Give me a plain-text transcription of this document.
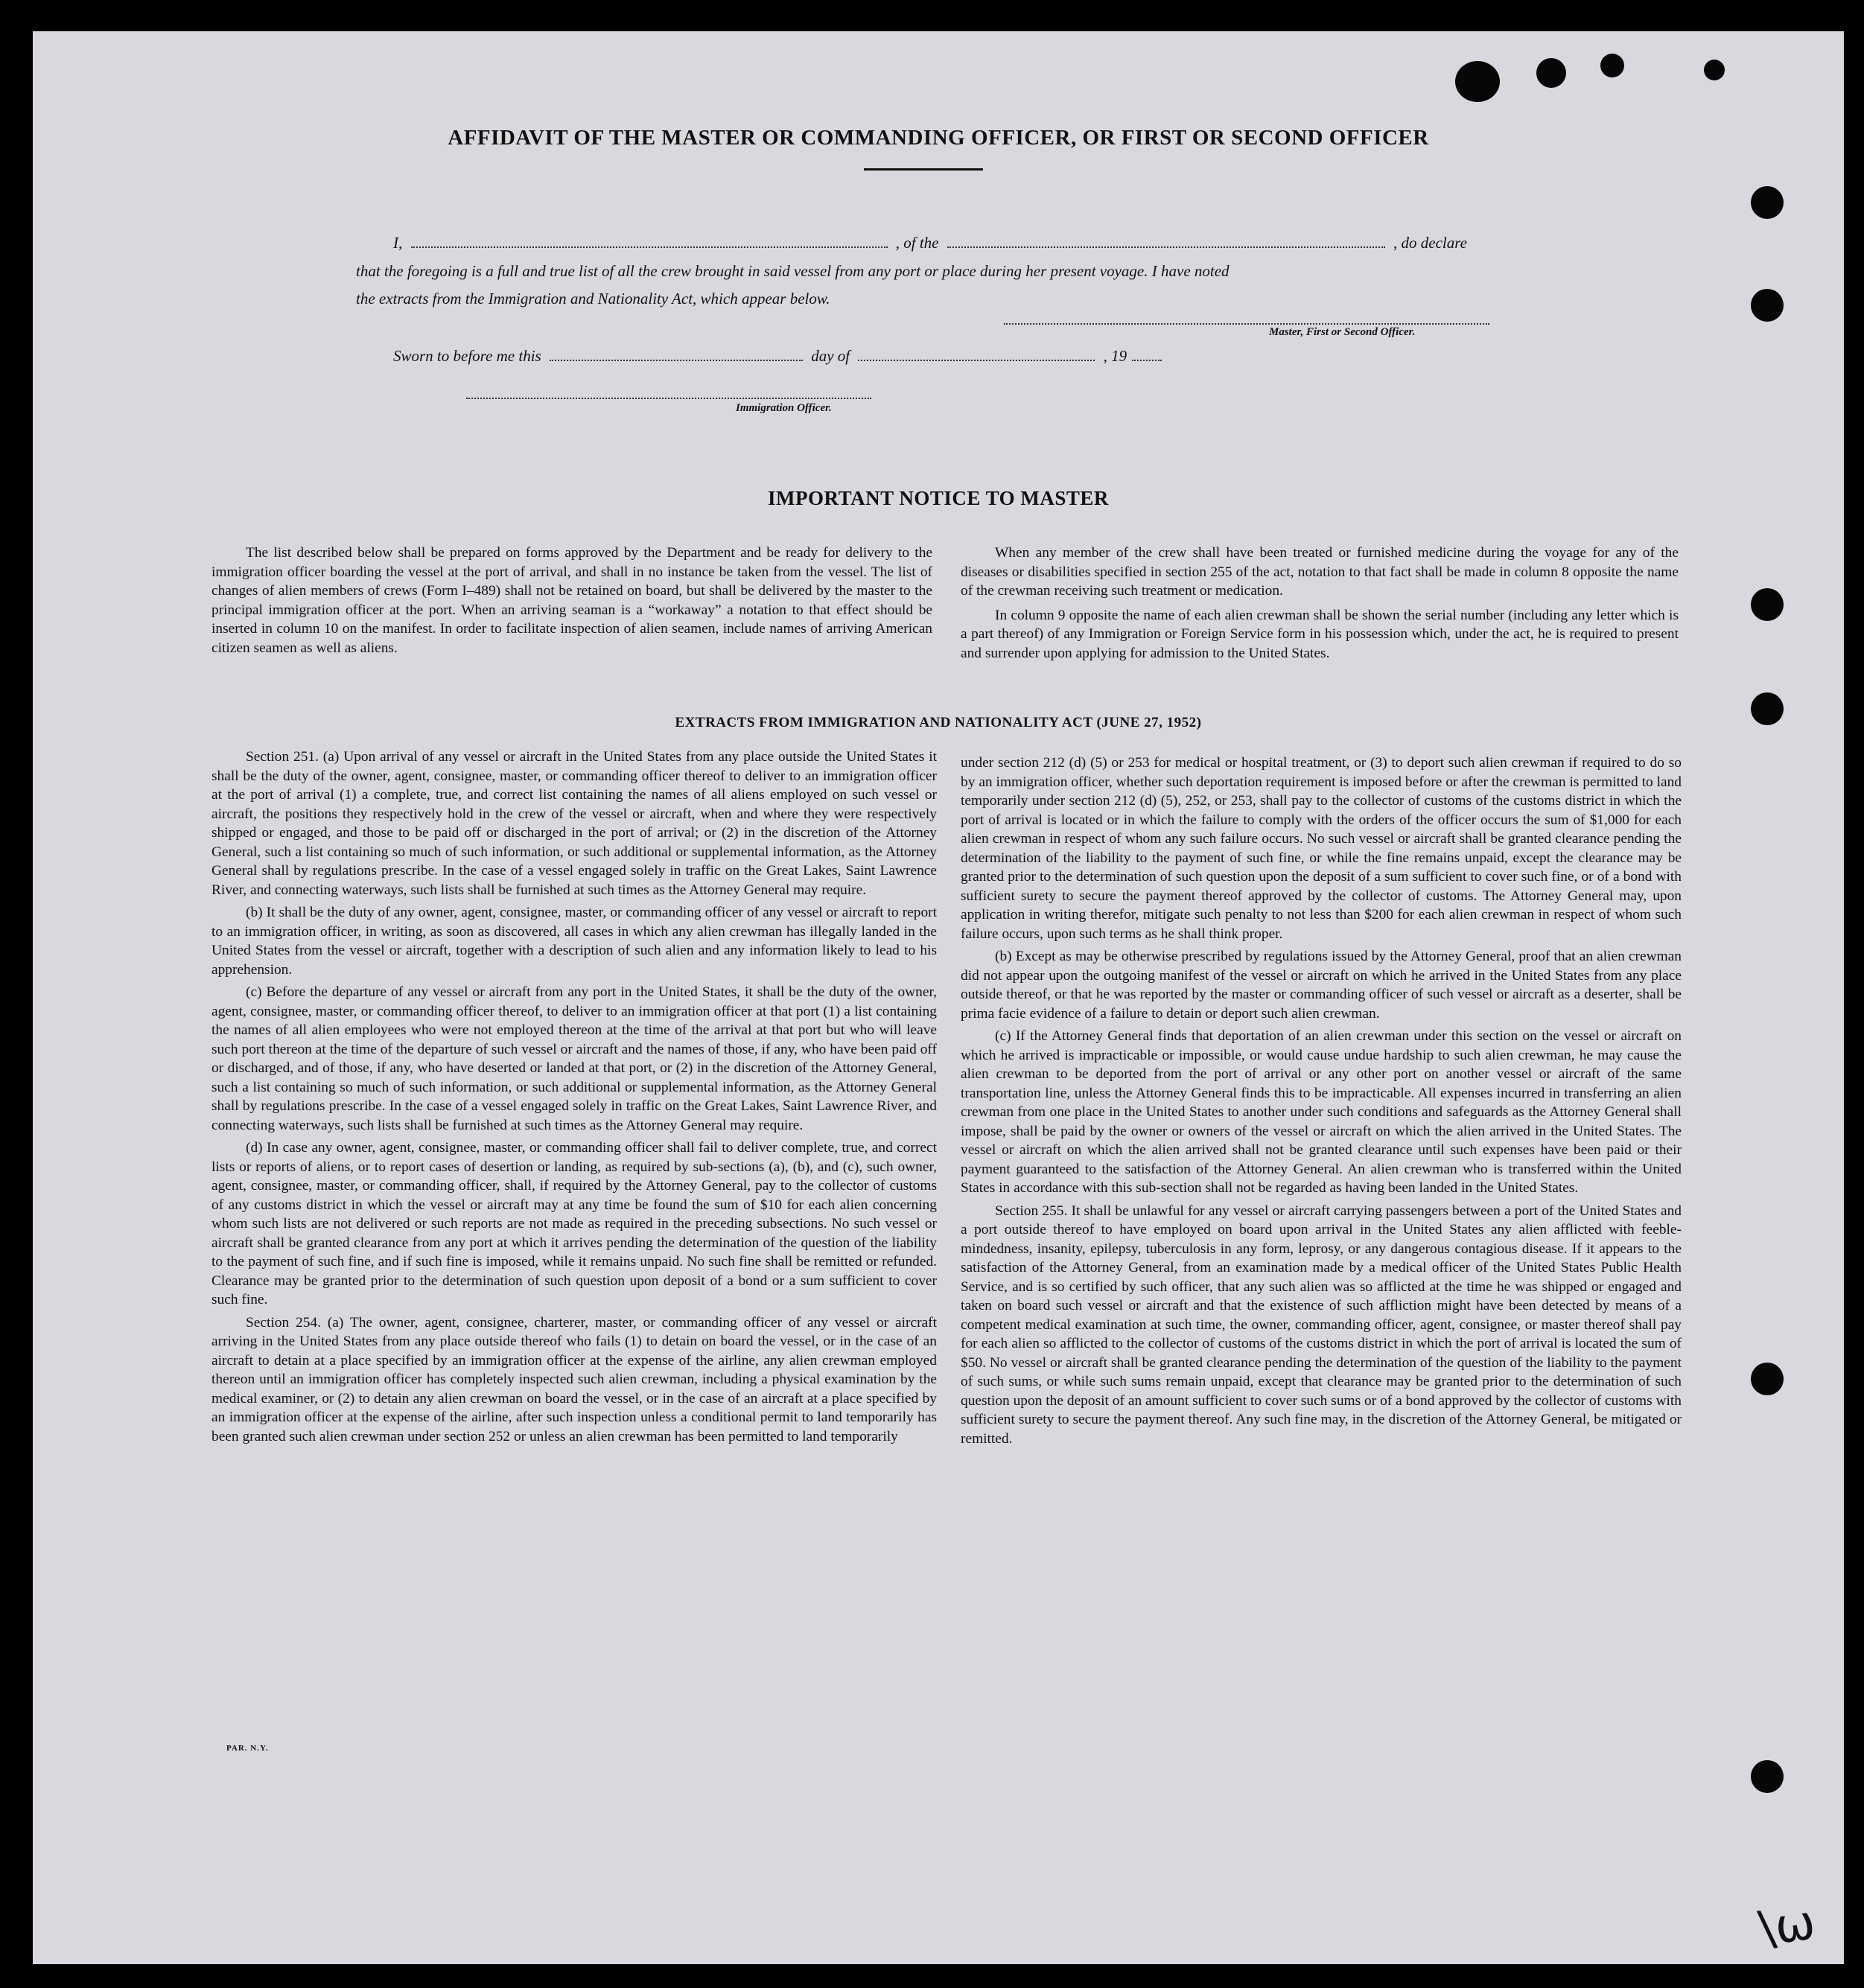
AFFIDAVIT OF THE MASTER OR COMMANDING OFFICER, OR FIRST OR SECOND OFFICER
I,	, of the	, do declare
that the foregoing is a full and true list of all the crew brought in said vessel from any port or place during her present voyage. I have noted
the extracts from the Immigration and Nationality Act, which appear below.
Master, First or Second Officer.
Sworn to before me this	day of	, 19
Immigration Officer.
IMPORTANT NOTICE TO MASTER

The list described below shall be prepared on forms approved by the Department and be ready for delivery to the immigration officer boarding the vessel at the port of arrival, and shall in no instance be taken from the vessel. The list of changes of alien members of crews (Form I–489) shall not be retained on board, but shall be delivered by the master to the principal immigration officer at the port. When an arriving seaman is a “workaway” a notation to that effect should be inserted in column 10 on the manifest. In order to facilitate inspection of alien seamen, include names of arriving American citizen seamen as well as aliens.

When any member of the crew shall have been treated or furnished medicine during the voyage for any of the diseases or disabilities specified in section 255 of the act, notation to that fact shall be made in column 8 opposite the name of the crewman receiving such treatment or medication.

In column 9 opposite the name of each alien crewman shall be shown the serial number (including any letter which is a part thereof) of any Immigration or Foreign Service form in his possession which, under the act, he is required to present and surrender upon applying for admission to the United States.

EXTRACTS FROM IMMIGRATION AND NATIONALITY ACT (JUNE 27, 1952)

Section 251. (a) Upon arrival of any vessel or aircraft in the United States from any place outside the United States it shall be the duty of the owner, agent, consignee, master, or commanding officer thereof to deliver to an immigration officer at the port of arrival (1) a complete, true, and correct list containing the names of all aliens employed on such vessel or aircraft, the positions they respectively hold in the crew of the vessel or aircraft, when and where they were respectively shipped or engaged, and those to be paid off or discharged in the port of arrival; or (2) in the discretion of the Attorney General, such a list containing so much of such information, or such additional or supplemental information, as the Attorney General shall by regulations prescribe. In the case of a vessel engaged solely in traffic on the Great Lakes, Saint Lawrence River, and connecting waterways, such lists shall be furnished at such times as the Attorney General may require.

(b) It shall be the duty of any owner, agent, consignee, master, or commanding officer of any vessel or aircraft to report to an immigration officer, in writing, as soon as discovered, all cases in which any alien crewman has illegally landed in the United States from the vessel or aircraft, together with a description of such alien and any information likely to lead to his apprehension.

(c) Before the departure of any vessel or aircraft from any port in the United States, it shall be the duty of the owner, agent, consignee, master, or commanding officer thereof, to deliver to an immigration officer at that port (1) a list containing the names of all alien employees who were not employed thereon at the time of the arrival at that port but who will leave such port thereon at the time of the departure of such vessel or aircraft and the names of those, if any, who have been paid off or discharged, and of those, if any, who have deserted or landed at that port, or (2) in the discretion of the Attorney General, such a list containing so much of such information, or such additional or supplemental information, as the Attorney General shall by regulations prescribe. In the case of a vessel engaged solely in traffic on the Great Lakes, Saint Lawrence River, and connecting waterways, such lists shall be furnished at such times as the Attorney General may require.

(d) In case any owner, agent, consignee, master, or commanding officer shall fail to deliver complete, true, and correct lists or reports of aliens, or to report cases of desertion or landing, as required by sub-sections (a), (b), and (c), such owner, agent, consignee, master, or commanding officer, shall, if required by the Attorney General, pay to the collector of customs of any customs district in which the vessel or aircraft may at any time be found the sum of $10 for each alien concerning whom such lists are not delivered or such reports are not made as required in the preceding subsections. No such vessel or aircraft shall be granted clearance from any port at which it arrives pending the determination of the question of the liability to the payment of such fine, and if such fine is imposed, while it remains unpaid. No such fine shall be remitted or refunded. Clearance may be granted prior to the determination of such question upon deposit of a bond or a sum sufficient to cover such fine.

Section 254. (a) The owner, agent, consignee, charterer, master, or commanding officer of any vessel or aircraft arriving in the United States from any place outside thereof who fails (1) to detain on board the vessel, or in the case of an aircraft to detain at a place specified by an immigration officer at the expense of the airline, any alien crewman employed thereon until an immigration officer has completely inspected such alien crewman, including a physical examination by the medical examiner, or (2) to detain any alien crewman on board the vessel, or in the case of an aircraft at a place specified by an immigration officer at the expense of the airline, after such inspection unless a conditional permit to land temporarily has been granted such alien crewman under section 252 or unless an alien crewman has been permitted to land temporarily

under section 212 (d) (5) or 253 for medical or hospital treatment, or (3) to deport such alien crewman if required to do so by an immigration officer, whether such deportation requirement is imposed before or after the crewman is permitted to land temporarily under section 212 (d) (5), 252, or 253, shall pay to the collector of customs of the customs district in which the port of arrival is located or in which the failure to comply with the orders of the officer occurs the sum of $1,000 for each alien crewman in respect of whom any such failure occurs. No such vessel or aircraft shall be granted clearance pending the determination of the liability to the payment of such fine, or while the fine remains unpaid, except the clearance may be granted prior to the determination of such question upon the deposit of a sum sufficient to cover such fine, or of a bond with sufficient surety to secure the payment thereof approved by the collector of customs. The Attorney General may, upon application in writing therefor, mitigate such penalty to not less than $200 for each alien crewman in respect of whom such failure occurs, upon such terms as he shall think proper.

(b) Except as may be otherwise prescribed by regulations issued by the Attorney General, proof that an alien crewman did not appear upon the outgoing manifest of the vessel or aircraft on which he arrived in the United States from any place outside thereof, or that he was reported by the master or commanding officer of such vessel or aircraft as a deserter, shall be prima facie evidence of a failure to detain or deport such alien crewman.

(c) If the Attorney General finds that deportation of an alien crewman under this section on the vessel or aircraft on which he arrived is impracticable or impossible, or would cause undue hardship to such alien crewman, he may cause the alien crewman to be deported from the port of arrival or any other port on another vessel or aircraft of the same transportation line, unless the Attorney General finds this to be impracticable. All expenses incurred in transferring an alien crewman from one place in the United States to another under such conditions and safeguards as the Attorney General shall impose, shall be paid by the owner or owners of the vessel or aircraft on which the alien arrived in the United States. The vessel or aircraft on which the alien arrived shall not be granted clearance until such expenses have been paid or their payment guaranteed to the satisfaction of the Attorney General. An alien crewman who is transferred within the United States in accordance with this sub-section shall not be regarded as having been landed in the United States.

Section 255. It shall be unlawful for any vessel or aircraft carrying passengers between a port of the United States and a port outside thereof to have employed on board upon arrival in the United States any alien afflicted with feeble-mindedness, insanity, epilepsy, tuberculosis in any form, leprosy, or any dangerous contagious disease. If it appears to the satisfaction of the Attorney General, from an examination made by a medical officer of the United States Public Health Service, and is so certified by such officer, that any such alien was so afflicted at the time he was shipped or engaged and taken on board such vessel or aircraft and that the existence of such affliction might have been detected by means of a competent medical examination at such time, the owner, commanding officer, agent, consignee, or master thereof shall pay for each alien so afflicted to the collector of customs of the customs district in which the port of arrival is located the sum of $50. No vessel or aircraft shall be granted clearance pending the determination of the question of the liability to the payment of such sums, or while such sums remain unpaid, except that clearance may be granted prior to the determination of such question upon the deposit of an amount sufficient to cover such sums or of a bond approved by the collector of customs with sufficient surety to secure the payment thereof. Any such fine may, in the discretion of the Attorney General, be mitigated or remitted.

PAR. N.Y.
\ω
